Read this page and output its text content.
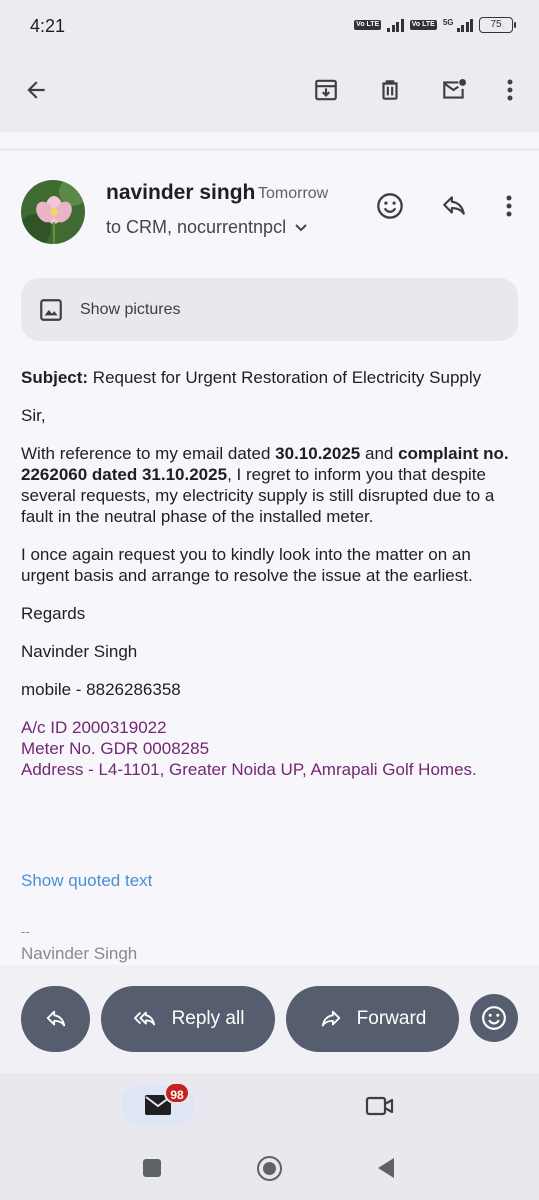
4:21	Vo LTE	Vo LTE 5G	75
navinder singh Tomorrow
to CRM, nocurrentnpcl
Show pictures

Subject: Request for Urgent Restoration of Electricity Supply

Sir,

With reference to my email dated 30.10.2025 and complaint no. 2262060 dated 31.10.2025, I regret to inform you that despite several requests, my electricity supply is still disrupted due to a fault in the neutral phase of the installed meter.

I once again request you to kindly look into the matter on an urgent basis and arrange to resolve the issue at the earliest.

Regards

Navinder Singh

mobile - 8826286358

A/c ID 2000319022
Meter No. GDR 0008285
Address - L4-1101, Greater Noida UP, Amrapali Golf Homes.
Show quoted text
--
Navinder Singh
Reply all	Forward
98
